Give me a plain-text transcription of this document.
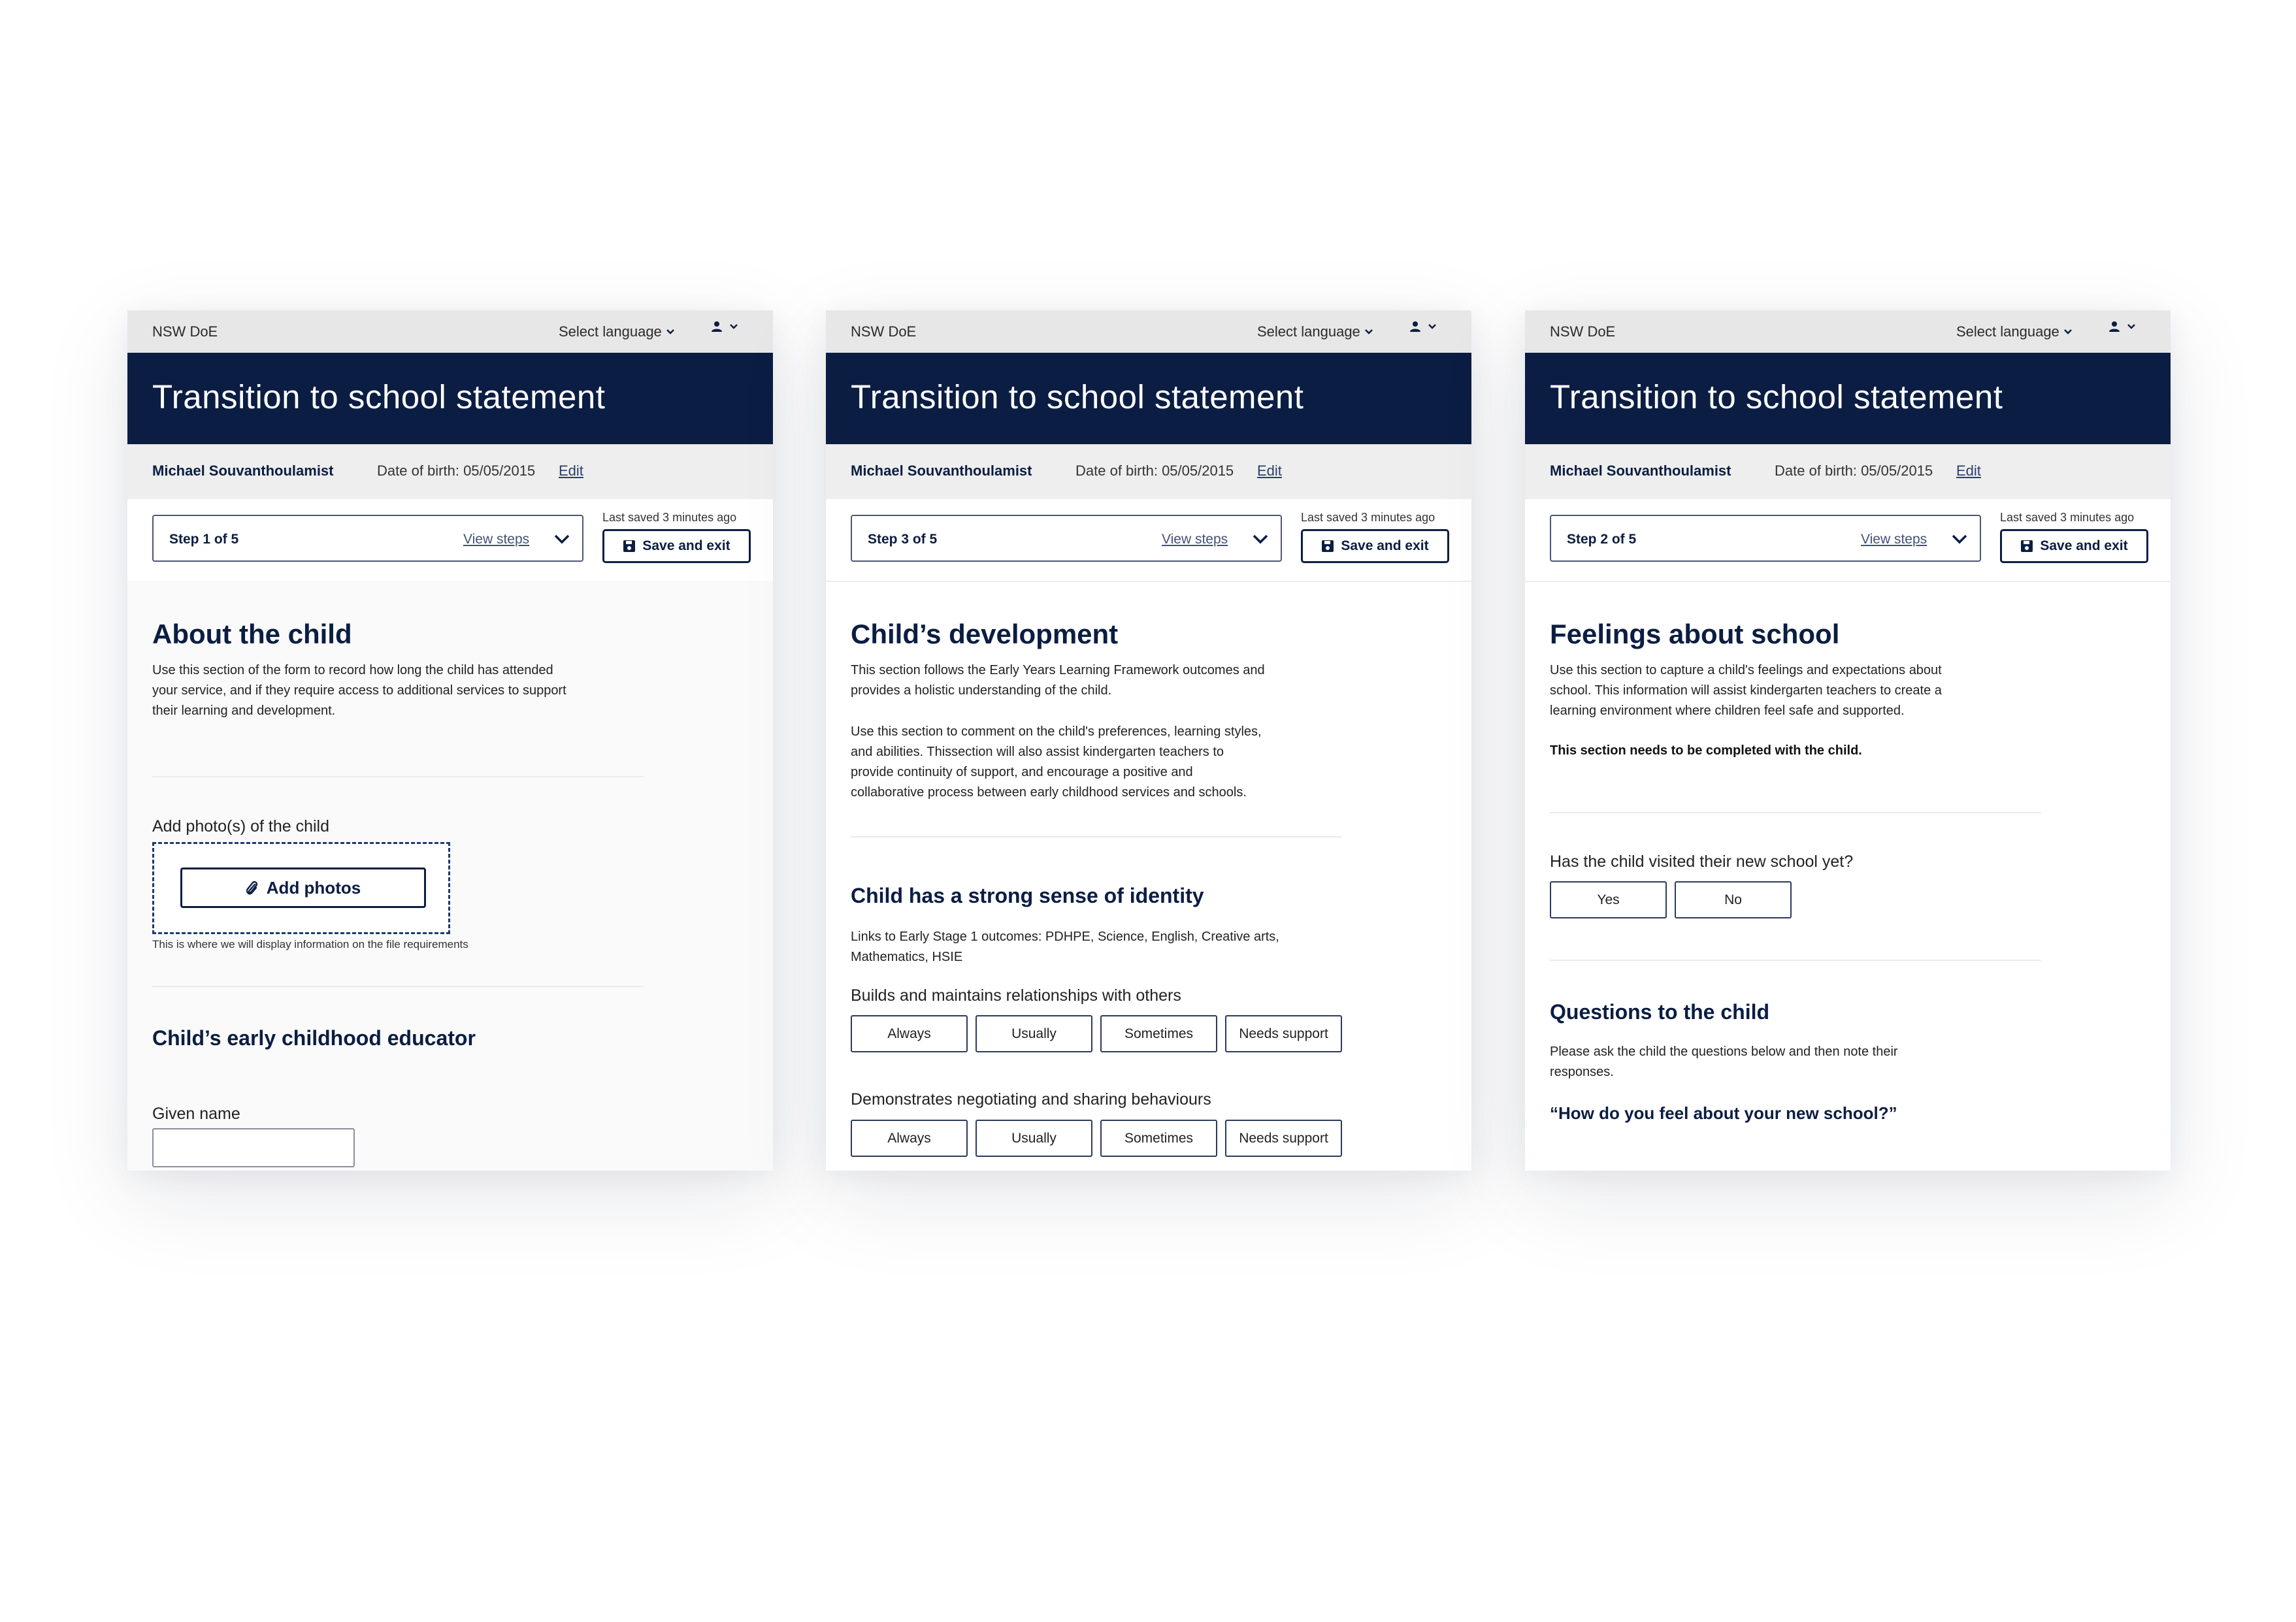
NSW DoE	Select language
Transition to school statement
Michael Souvanthoulamist	Date of birth: 05/05/2015 Edit
Step 1 of 5	View steps
Last saved 3 minutes ago
Save and exit
About the child
Use this section of the form to record how long the child has attended
your service, and if they require access to additional services to support
their learning and development.
Add photo(s) of the child
Add photos
This is where we will display information on the file requirements
Child’s early childhood educator
Given name
NSW DoE	Select language
Transition to school statement
Michael Souvanthoulamist	Date of birth: 05/05/2015 Edit
Step 3 of 5	View steps
Last saved 3 minutes ago
Save and exit
Child’s development
This section follows the Early Years Learning Framework outcomes and
provides a holistic understanding of the child.
Use this section to comment on the child's preferences, learning styles,
and abilities. Thissection will also assist kindergarten teachers to
provide continuity of support, and encourage a positive and
collaborative process between early childhood services and schools.
Child has a strong sense of identity
Links to Early Stage 1 outcomes: PDHPE, Science, English, Creative arts,
Mathematics, HSIE
Builds and maintains relationships with others
Always	Usually	Sometimes	Needs support
Demonstrates negotiating and sharing behaviours
Always	Usually	Sometimes	Needs support
NSW DoE	Select language
Transition to school statement
Michael Souvanthoulamist	Date of birth: 05/05/2015 Edit
Step 2 of 5	View steps
Last saved 3 minutes ago
Save and exit
Feelings about school
Use this section to capture a child's feelings and expectations about
school. This information will assist kindergarten teachers to create a
learning environment where children feel safe and supported.
This section needs to be completed with the child.
Has the child visited their new school yet?
Yes	No
Questions to the child
Please ask the child the questions below and then note their
responses.
“How do you feel about your new school?”
